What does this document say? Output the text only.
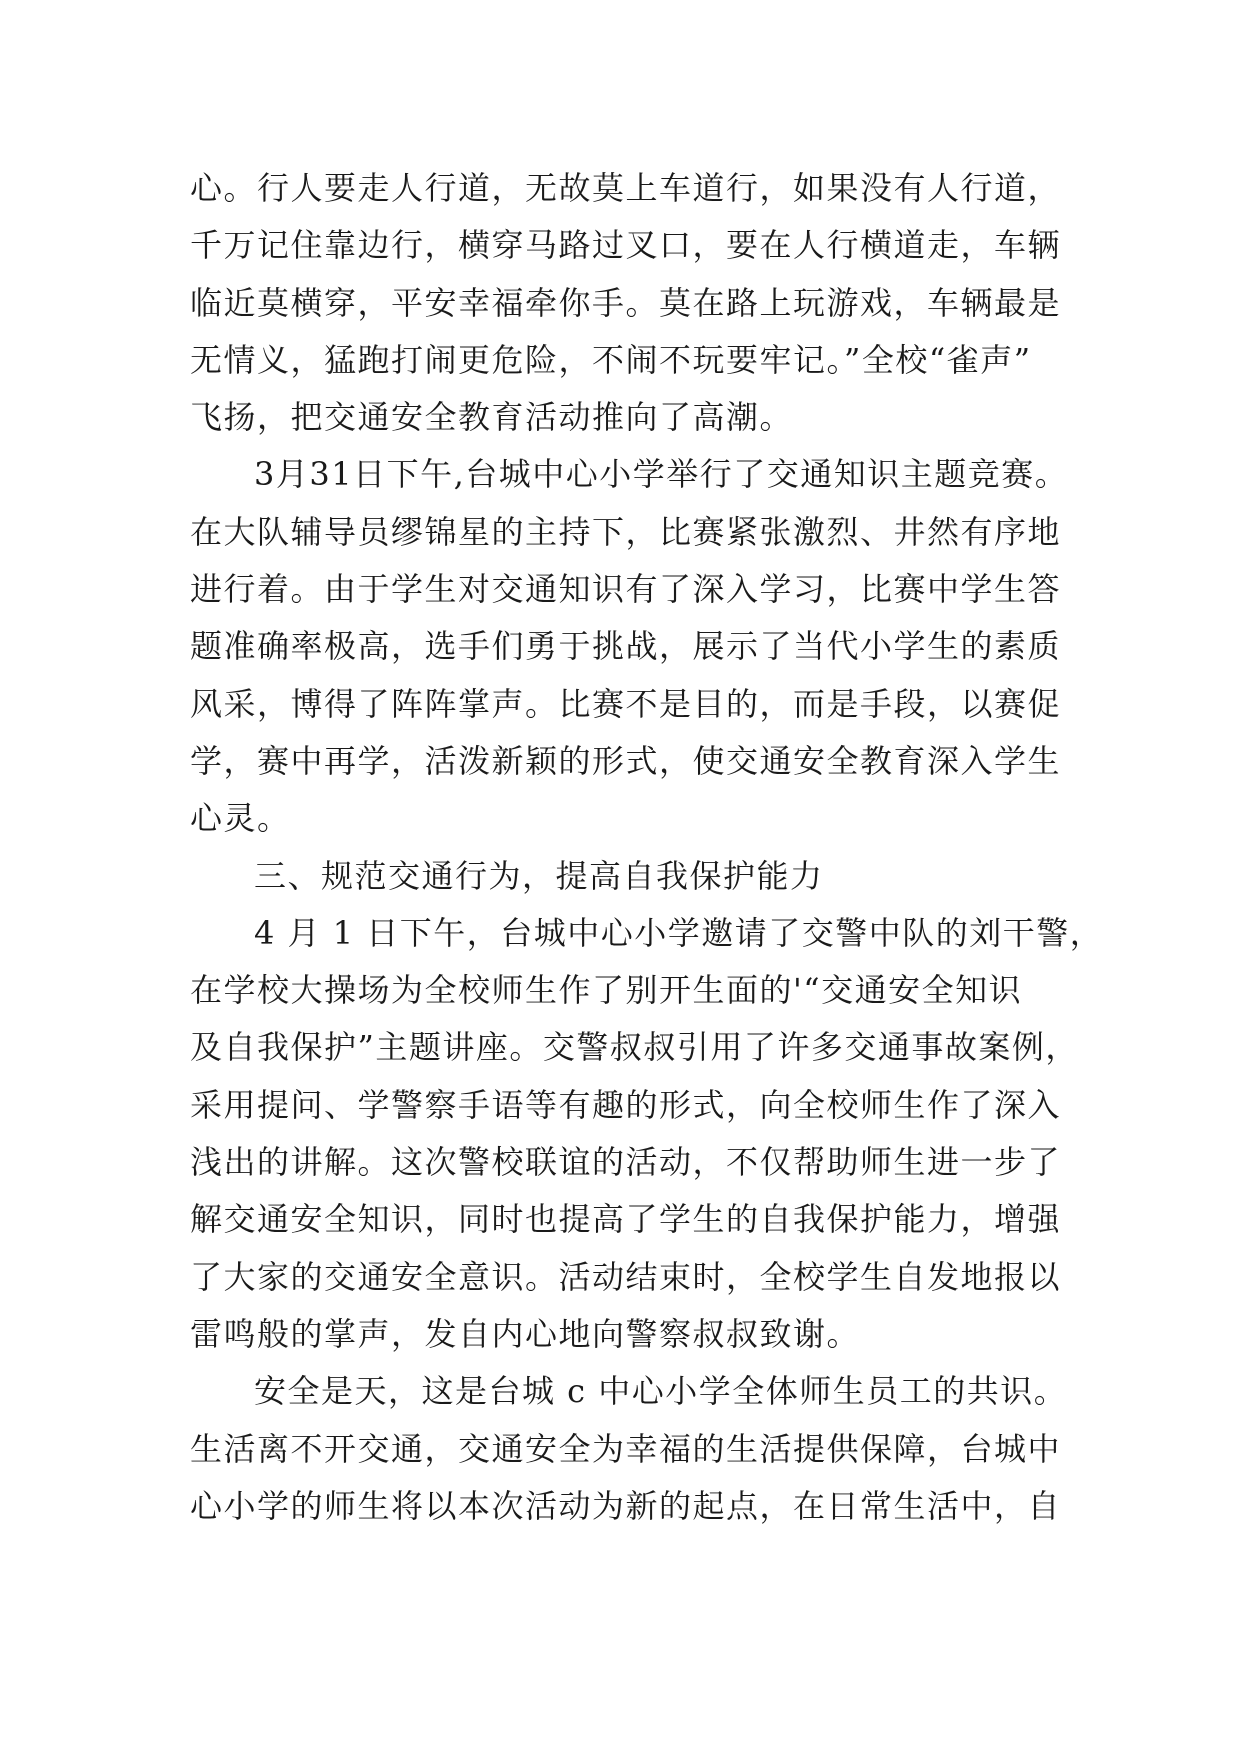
心。行人要走人行道，无故莫上车道行，如果没有人行道，
千万记住靠边行，横穿马路过叉口，要在人行横道走，车辆
临近莫横穿，平安幸福牵你手。莫在路上玩游戏，车辆最是
无情义，猛跑打闹更危险，不闹不玩要牢记。”全校“雀声”
飞扬，把交通安全教育活动推向了高潮。
3月31日下午,台城中心小学举行了交通知识主题竞赛。
在大队辅导员缪锦星的主持下，比赛紧张激烈、井然有序地
进行着。由于学生对交通知识有了深入学习，比赛中学生答
题准确率极高，选手们勇于挑战，展示了当代小学生的素质
风采，博得了阵阵掌声。比赛不是目的，而是手段，以赛促
学，赛中再学，活泼新颖的形式，使交通安全教育深入学生
心灵。
三、规范交通行为，提高自我保护能力
4 月 1 日下午，台城中心小学邀请了交警中队的刘干警，
在学校大操场为全校师生作了别开生面的'“交通安全知识
及自我保护”主题讲座。交警叔叔引用了许多交通事故案例，
采用提问、学警察手语等有趣的形式，向全校师生作了深入
浅出的讲解。这次警校联谊的活动，不仅帮助师生进一步了
解交通安全知识，同时也提高了学生的自我保护能力，增强
了大家的交通安全意识。活动结束时，全校学生自发地报以
雷鸣般的掌声，发自内心地向警察叔叔致谢。
安全是天，这是台城 c 中心小学全体师生员工的共识。
生活离不开交通，交通安全为幸福的生活提供保障，台城中
心小学的师生将以本次活动为新的起点，在日常生活中，自
